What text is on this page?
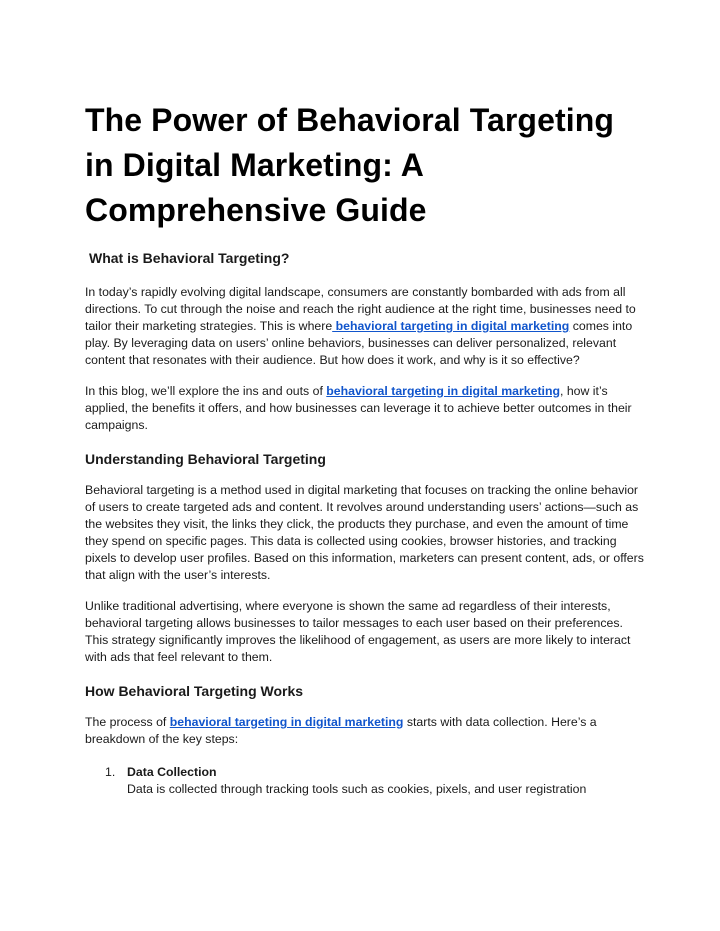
The Power of Behavioral Targeting in Digital Marketing: A Comprehensive Guide
What is Behavioral Targeting?

In today’s rapidly evolving digital landscape, consumers are constantly bombarded with ads from all directions. To cut through the noise and reach the right audience at the right time, businesses need to tailor their marketing strategies. This is where behavioral targeting in digital marketing comes into play. By leveraging data on users’ online behaviors, businesses can deliver personalized, relevant content that resonates with their audience. But how does it work, and why is it so effective?

In this blog, we’ll explore the ins and outs of behavioral targeting in digital marketing, how it’s applied, the benefits it offers, and how businesses can leverage it to achieve better outcomes in their campaigns.

Understanding Behavioral Targeting

Behavioral targeting is a method used in digital marketing that focuses on tracking the online behavior of users to create targeted ads and content. It revolves around understanding users’ actions—such as the websites they visit, the links they click, the products they purchase, and even the amount of time they spend on specific pages. This data is collected using cookies, browser histories, and tracking pixels to develop user profiles. Based on this information, marketers can present content, ads, or offers that align with the user’s interests.

Unlike traditional advertising, where everyone is shown the same ad regardless of their interests, behavioral targeting allows businesses to tailor messages to each user based on their preferences. This strategy significantly improves the likelihood of engagement, as users are more likely to interact with ads that feel relevant to them.

How Behavioral Targeting Works

The process of behavioral targeting in digital marketing starts with data collection. Here’s a breakdown of the key steps:

1. Data Collection
Data is collected through tracking tools such as cookies, pixels, and user registration
